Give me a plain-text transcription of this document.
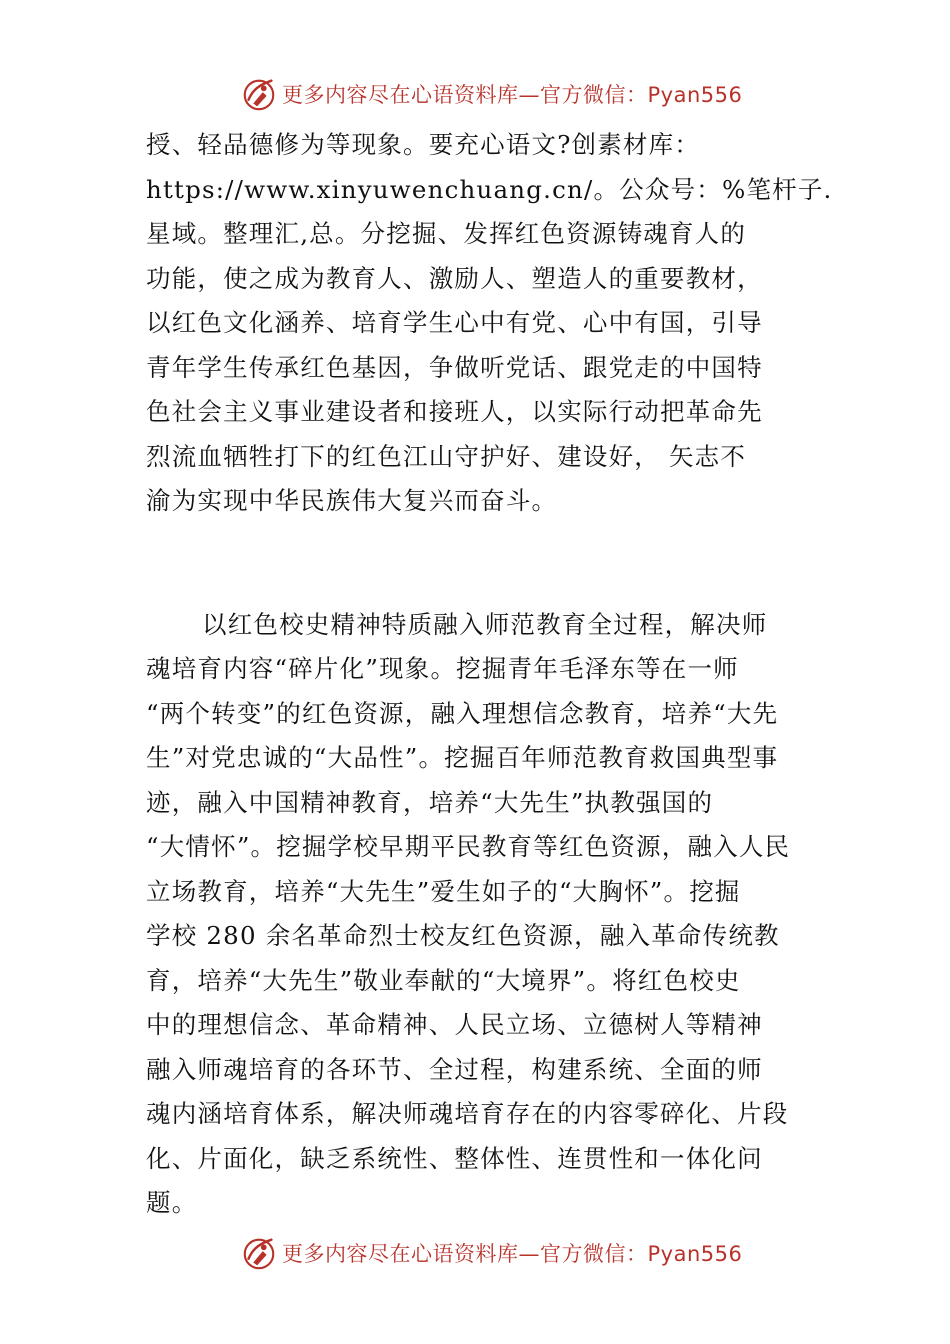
更多内容尽在心语资料库—官方微信：Pyan556
授、轻品德修为等现象。要充心语文?创素材库：
https://www.xinyuwenchuang.cn/。公众号：%笔杆子.
星域。整理汇,总。分挖掘、发挥红色资源铸魂育人的
功能，使之成为教育人、激励人、塑造人的重要教材，
以红色文化涵养、培育学生心中有党、心中有国，引导
青年学生传承红色基因，争做听党话、跟党走的中国特
色社会主义事业建设者和接班人，以实际行动把革命先
烈流血牺牲打下的红色江山守护好、建设好， 矢志不
渝为实现中华民族伟大复兴而奋斗。
以红色校史精神特质融入师范教育全过程，解决师
魂培育内容“碎片化”现象。挖掘青年毛泽东等在一师
“两个转变”的红色资源，融入理想信念教育，培养“大先
生”对党忠诚的“大品性”。挖掘百年师范教育救国典型事
迹，融入中国精神教育，培养“大先生”执教强国的
“大情怀”。挖掘学校早期平民教育等红色资源，融入人民
立场教育，培养“大先生”爱生如子的“大胸怀”。挖掘
学校 280 余名革命烈士校友红色资源，融入革命传统教
育，培养“大先生”敬业奉献的“大境界”。将红色校史
中的理想信念、革命精神、人民立场、立德树人等精神
融入师魂培育的各环节、全过程，构建系统、全面的师
魂内涵培育体系，解决师魂培育存在的内容零碎化、片段
化、片面化，缺乏系统性、整体性、连贯性和一体化问
题。
更多内容尽在心语资料库—官方微信：Pyan556
